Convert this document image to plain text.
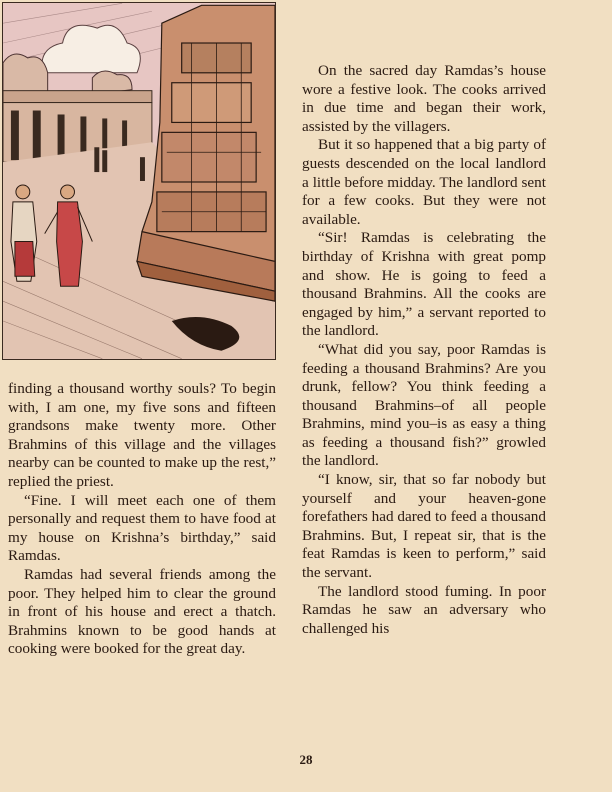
finding a thousand worthy souls? To begin with, I am one, my five sons and fifteen grandsons make twenty more. Other Brahmins of this village and the villages nearby can be counted to make up the rest,” replied the priest.

“Fine. I will meet each one of them personally and request them to have food at my house on Krishna’s birthday,” said Ramdas.

Ramdas had several friends among the poor. They helped him to clear the ground in front of his house and erect a thatch. Brahmins known to be good hands at cooking were booked for the great day.

On the sacred day Ramdas’s house wore a festive look. The cooks arrived in due time and began their work, assisted by the villagers.

But it so happened that a big party of guests descended on the local landlord a little before midday. The landlord sent for a few cooks. But they were not available.

“Sir! Ramdas is celebrating the birthday of Krishna with great pomp and show. He is going to feed a thousand Brahmins. All the cooks are engaged by him,” a servant reported to the landlord.

“What did you say, poor Ramdas is feeding a thousand Brahmins? Are you drunk, fellow? You think feeding a thousand Brahmins–of all people Brahmins, mind you–is as easy a thing as feeding a thousand fish?” growled the landlord.

“I know, sir, that so far nobody but yourself and your heaven-gone forefathers had dared to feed a thousand Brahmins. But, I repeat sir, that is the feat Ramdas is keen to perform,” said the servant.

The landlord stood fuming. In poor Ramdas he saw an adversary who challenged his

28
